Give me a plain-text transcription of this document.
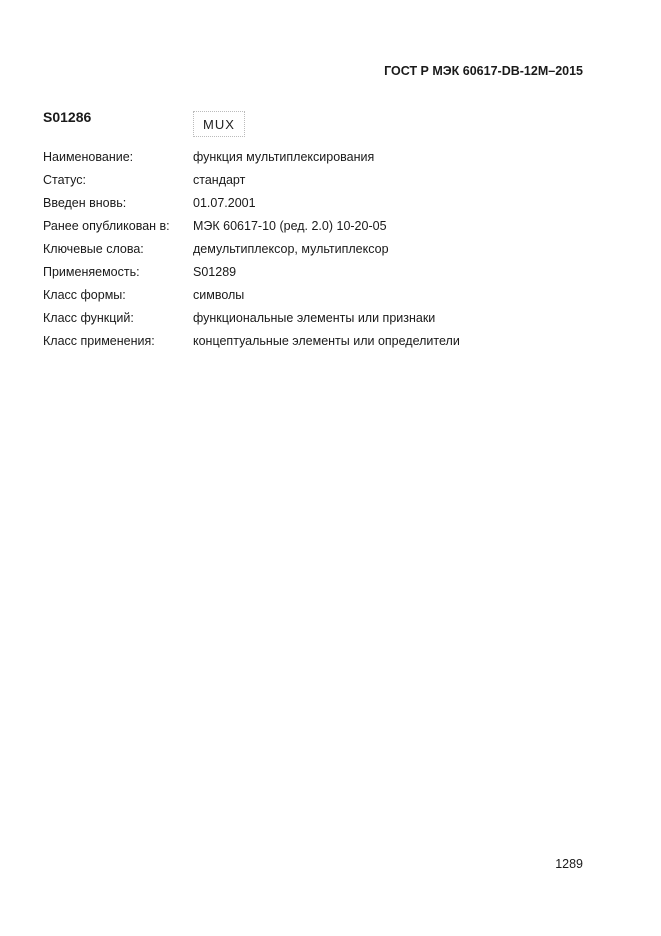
ГОСТ Р МЭК 60617-DB-12M–2015
S01286	MUX
Наименование:	функция мультиплексирования
Статус:	стандарт
Введен вновь:	01.07.2001
Ранее опубликован в:	МЭК 60617-10 (ред. 2.0) 10-20-05
Ключевые слова:	демультиплексор, мультиплексор
Применяемость:	S01289
Класс формы:	символы
Класс функций:	функциональные элементы или признаки
Класс применения:	концептуальные элементы или определители
1289
